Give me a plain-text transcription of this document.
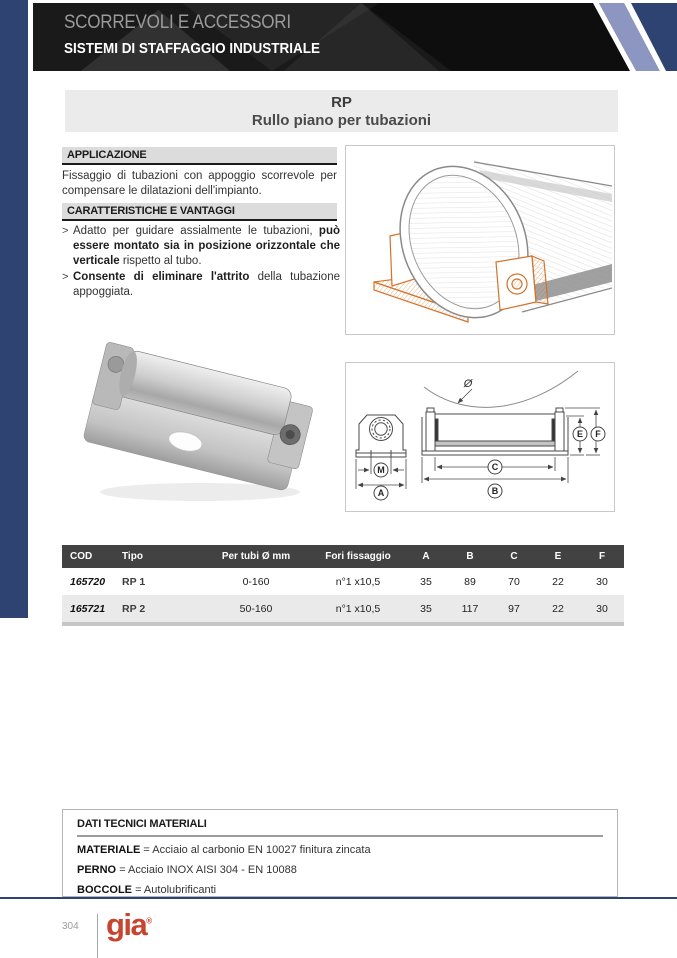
SCORREVOLI E ACCESSORI
SISTEMI DI STAFFAGGIO INDUSTRIALE
RP
Rullo piano per tubazioni
APPLICAZIONE

Fissaggio di tubazioni con appoggio scorrevole per compensare le dilatazioni dell'impianto.

CARATTERISTICHE E VANTAGGI
> Adatto per guidare assialmente le tubazioni, può essere montato sia in posizione orizzontale che verticale rispetto al tubo.

> Consente di eliminare l'attrito della tubazione appoggiata.

M
A
C
B
E F
Ø
COD	Tipo	Per tubi Ø mm	Fori fissaggio	A	B	C	E	F
165720	RP 1	0-160	n°1 x10,5	35	89	70	22	30
165721	RP 2	50-160	n°1 x10,5	35	117	97	22	30
DATI TECNICI MATERIALI

MATERIALE = Acciaio al carbonio EN 10027 finitura zincata

PERNO = Acciaio INOX AISI 304 - EN 10088

BOCCOLE = Autolubrificanti

304 gia®
